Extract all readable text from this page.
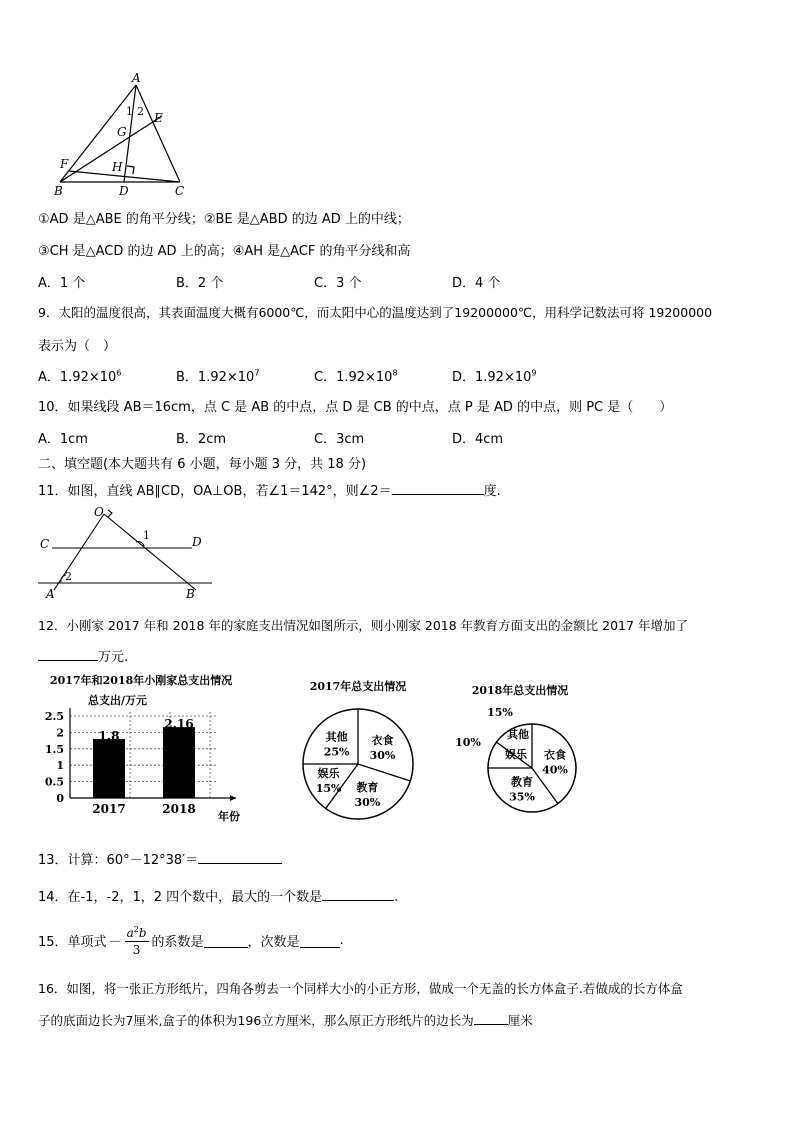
A
1 2 E
G
F	H
B	D	C
①AD 是△ABE 的角平分线；②BE 是△ABD 的边 AD 上的中线；
③CH 是△ACD 的边 AD 上的高；④AH 是△ACF 的角平分线和高
A．1 个	B．2 个	C．3 个	D．4 个
9．太阳的温度很高，其表面温度大概有6000℃，而太阳中心的温度达到了19200000℃，用科学记数法可将 19200000
表示为（　）
A．$1.92\times 10^6$	B．$1.92\times 10^7$	C．$1.92\times 10^8$	D．$1.92\times 10^9$
10．如果线段 AB＝16cm，点 C 是 AB 的中点，点 D 是 CB 的中点，点 P 是 AD 的中点，则 PC 是（　　）
A．1cm	B．2cm	C．3cm	D．4cm
二、填空题(本大题共有 6 小题，每小题 3 分，共 18 分)
11．如图，直线 AB∥CD，OA⊥OB，若∠1＝142°，则∠2＝	度.
O
1
C	D
2
A	B
12．小刚家 2017 年和 2018 年的家庭支出情况如图所示，则小刚家 2018 年教育方面支出的金额比 2017 年增加了
万元.
2017年和2018年小刚家总支出情况
总支出/万元
0
0.5
1
1.5
2
2.5
1.8
2017
2.16
2018
年份
2017年总支出情况
衣食
30%
教育
30%
娱乐
15%
其他
25%
2018年总支出情况
衣食
40%
教育
35%
娱乐
10%
其他
15%
13．计算：60°－12°38′＝
14．在-1，-2，1，2 四个数中，最大的一个数是	.
15．单项式 － $\frac{a^2b}{3}$ 的系数是	，次数是	.
16．如图，将一张正方形纸片，四角各剪去一个同样大小的小正方形，做成一个无盖的长方体盒子.若做成的长方体盒
子的底面边长为7厘米,盒子的体积为196立方厘米，那么原正方形纸片的边长为	厘米
